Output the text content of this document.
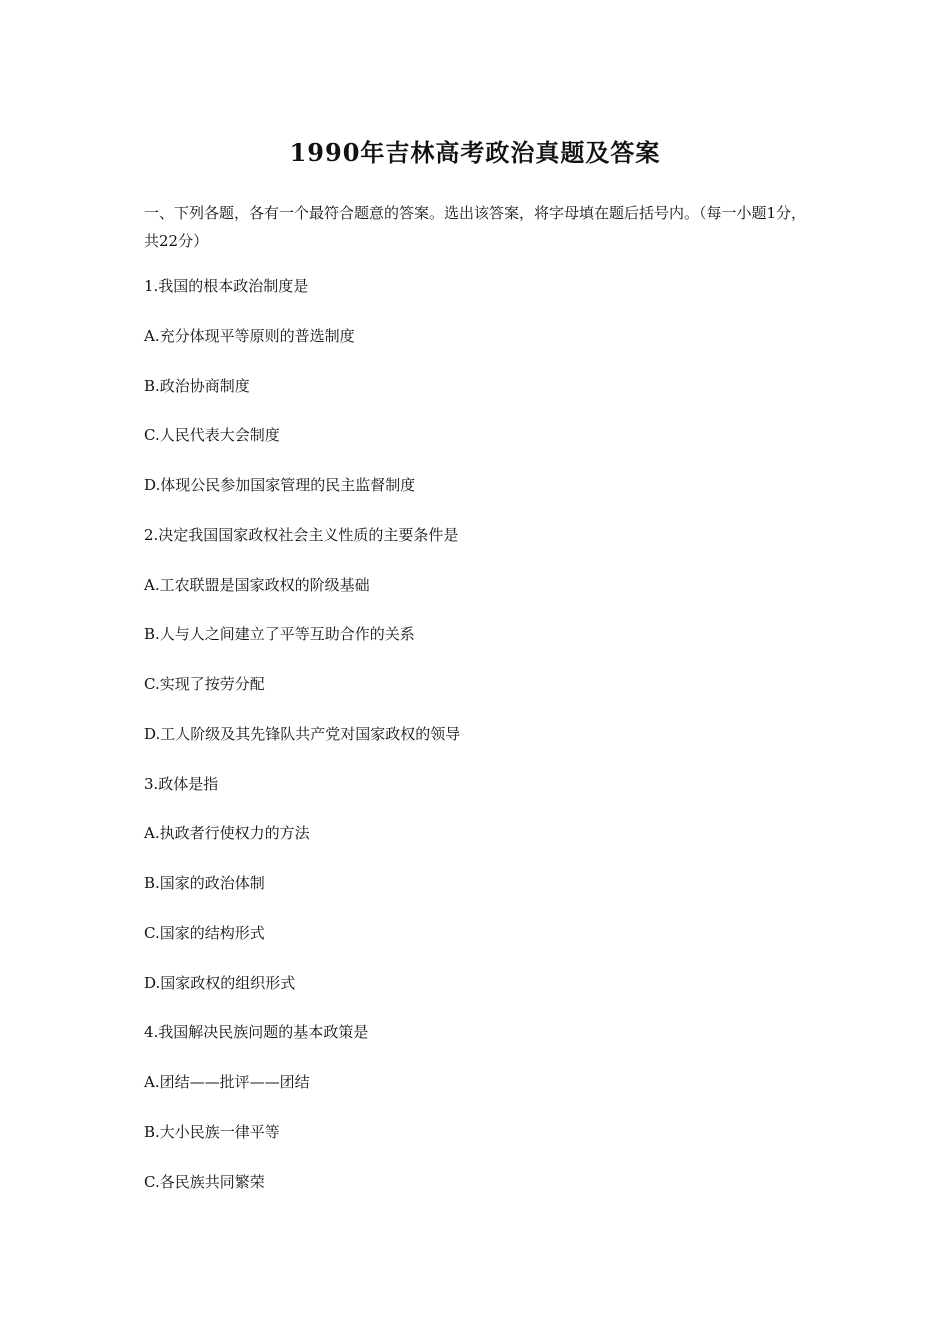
1990年吉林高考政治真题及答案

一、下列各题，各有一个最符合题意的答案。选出该答案，将字母填在题后括号内。（每一小题1分，共22分）

1.我国的根本政治制度是

A.充分体现平等原则的普选制度

B.政治协商制度

C.人民代表大会制度

D.体现公民参加国家管理的民主监督制度

2.决定我国国家政权社会主义性质的主要条件是

A.工农联盟是国家政权的阶级基础

B.人与人之间建立了平等互助合作的关系

C.实现了按劳分配

D.工人阶级及其先锋队共产党对国家政权的领导

3.政体是指

A.执政者行使权力的方法

B.国家的政治体制

C.国家的结构形式

D.国家政权的组织形式

4.我国解决民族问题的基本政策是

A.团结——批评——团结

B.大小民族一律平等

C.各民族共同繁荣
